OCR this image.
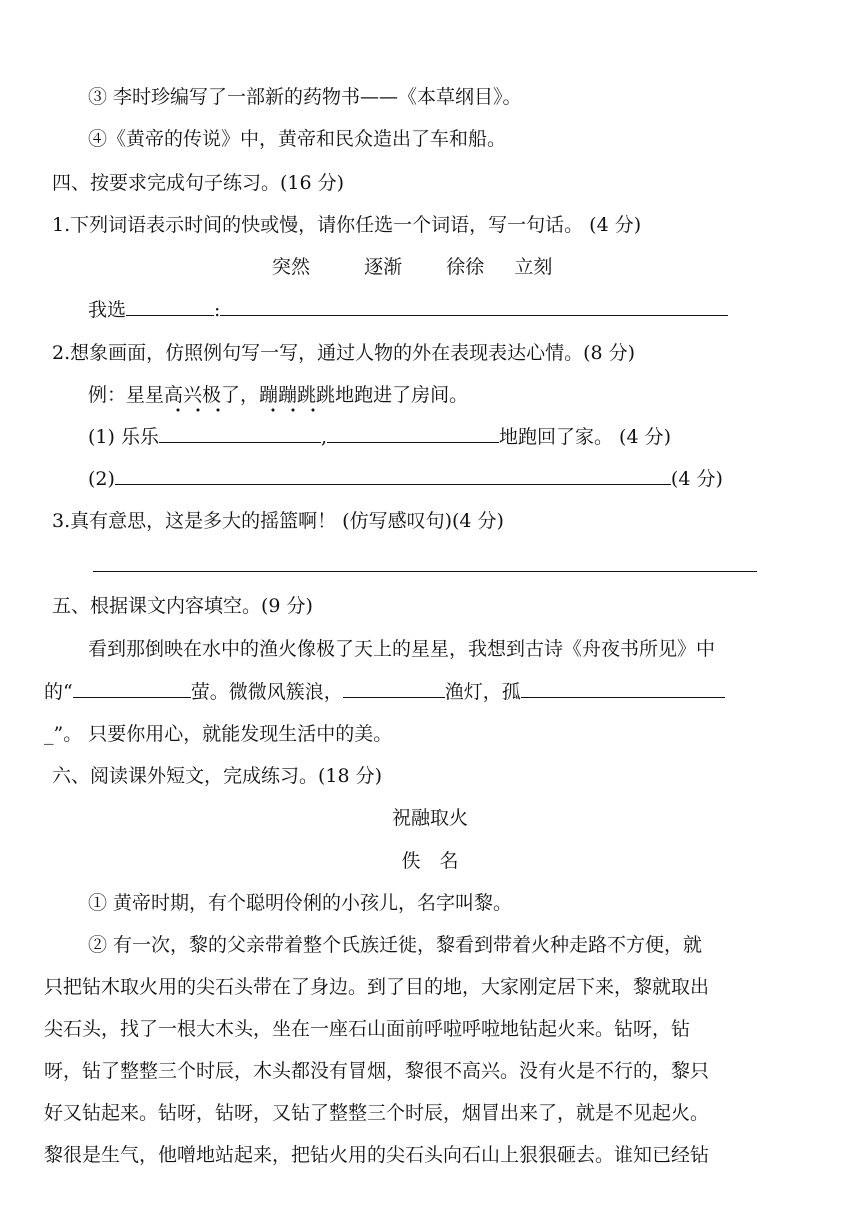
③ 李时珍编写了一部新的药物书——《本草纲目》。
④《黄帝的传说》中，黄帝和民众造出了车和船。
四、按要求完成句子练习。(16 分)
1.下列词语表示时间的快或慢，请你任选一个词语，写一句话。 (4 分)
突然	逐渐 徐徐 立刻
我选	:
2.想象画面，仿照例句写一写，通过人物的外在表现表达心情。(8 分)
例：星星高兴极了，蹦蹦跳跳地跑进了房间。
(1) 乐乐	,	地跑回了家。 (4 分)
(2)	(4 分)
3.真有意思，这是多大的摇篮啊！ (仿写感叹句)(4 分)
五、根据课文内容填空。(9 分)
看到那倒映在水中的渔火像极了天上的星星，我想到古诗《舟夜书所见》中
的“	萤。微微风簇浪，	渔灯，孤
_”。 只要你用心，就能发现生活中的美。
六、阅读课外短文，完成练习。(18 分)
祝融取火
佚　名
① 黄帝时期，有个聪明伶俐的小孩儿，名字叫黎。
② 有一次，黎的父亲带着整个氏族迁徙，黎看到带着火种走路不方便，就
只把钻木取火用的尖石头带在了身边。到了目的地，大家刚定居下来，黎就取出
尖石头，找了一根大木头，坐在一座石山面前呼啦呼啦地钻起火来。钻呀，钻
呀，钻了整整三个时辰，木头都没有冒烟，黎很不高兴。没有火是不行的，黎只
好又钻起来。钻呀，钻呀，又钻了整整三个时辰，烟冒出来了，就是不见起火。
黎很是生气，他噌地站起来，把钻火用的尖石头向石山上狠狠砸去。谁知已经钻
